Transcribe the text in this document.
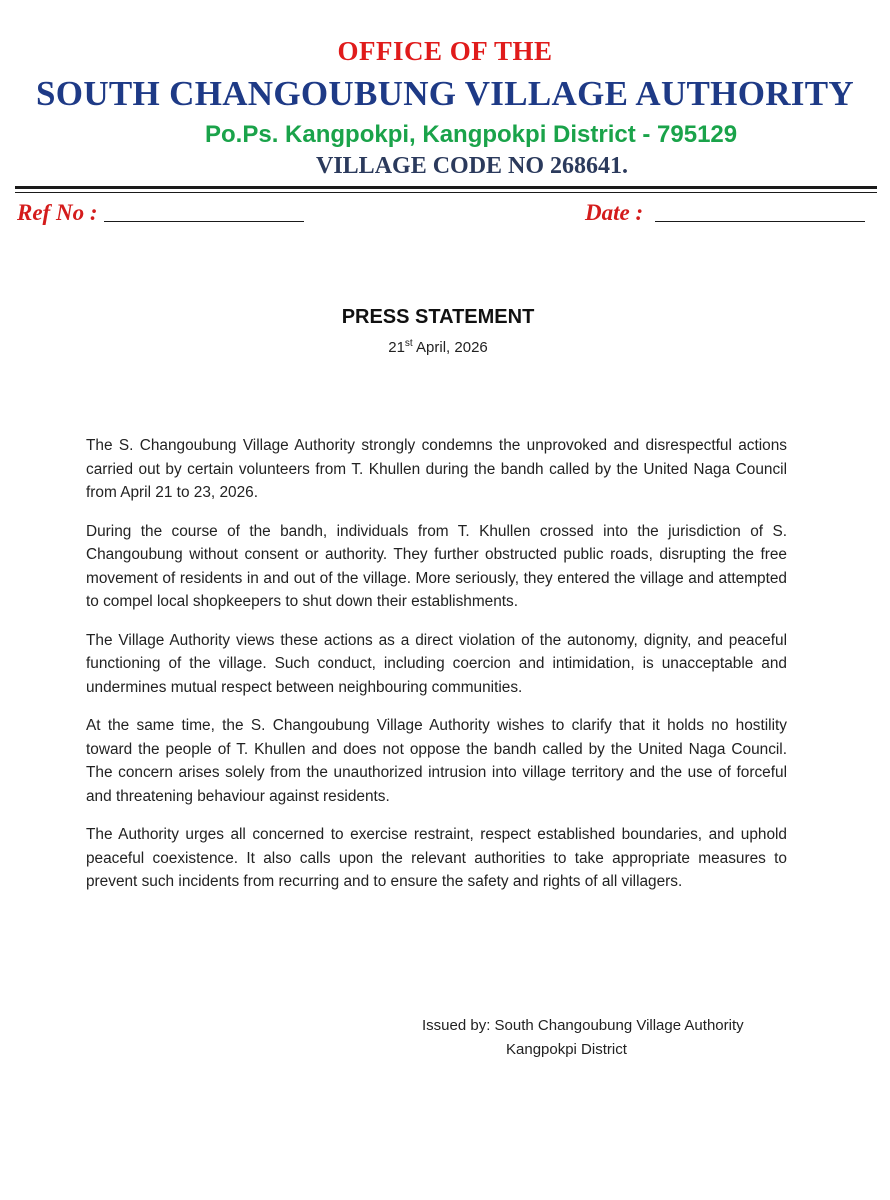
OFFICE OF THE
SOUTH CHANGOUBUNG VILLAGE AUTHORITY
Po.Ps. Kangpokpi, Kangpokpi District - 795129
VILLAGE CODE NO 268641.
Ref No :	Date :
PRESS STATEMENT
21st April, 2026

The S. Changoubung Village Authority strongly condemns the unprovoked and disrespectful actions carried out by certain volunteers from T. Khullen during the bandh called by the United Naga Council from April 21 to 23, 2026.

During the course of the bandh, individuals from T. Khullen crossed into the jurisdiction of S. Changoubung without consent or authority. They further obstructed public roads, disrupting the free movement of residents in and out of the village. More seriously, they entered the village and attempted to compel local shopkeepers to shut down their establishments.

The Village Authority views these actions as a direct violation of the autonomy, dignity, and peaceful functioning of the village. Such conduct, including coercion and intimidation, is unacceptable and undermines mutual respect between neighbouring communities.

At the same time, the S. Changoubung Village Authority wishes to clarify that it holds no hostility toward the people of T. Khullen and does not oppose the bandh called by the United Naga Council. The concern arises solely from the unauthorized intrusion into village territory and the use of forceful and threatening behaviour against residents.

The Authority urges all concerned to exercise restraint, respect established boundaries, and uphold peaceful coexistence. It also calls upon the relevant authorities to take appropriate measures to prevent such incidents from recurring and to ensure the safety and rights of all villagers.

Issued by: South Changoubung Village Authority
Kangpokpi District
